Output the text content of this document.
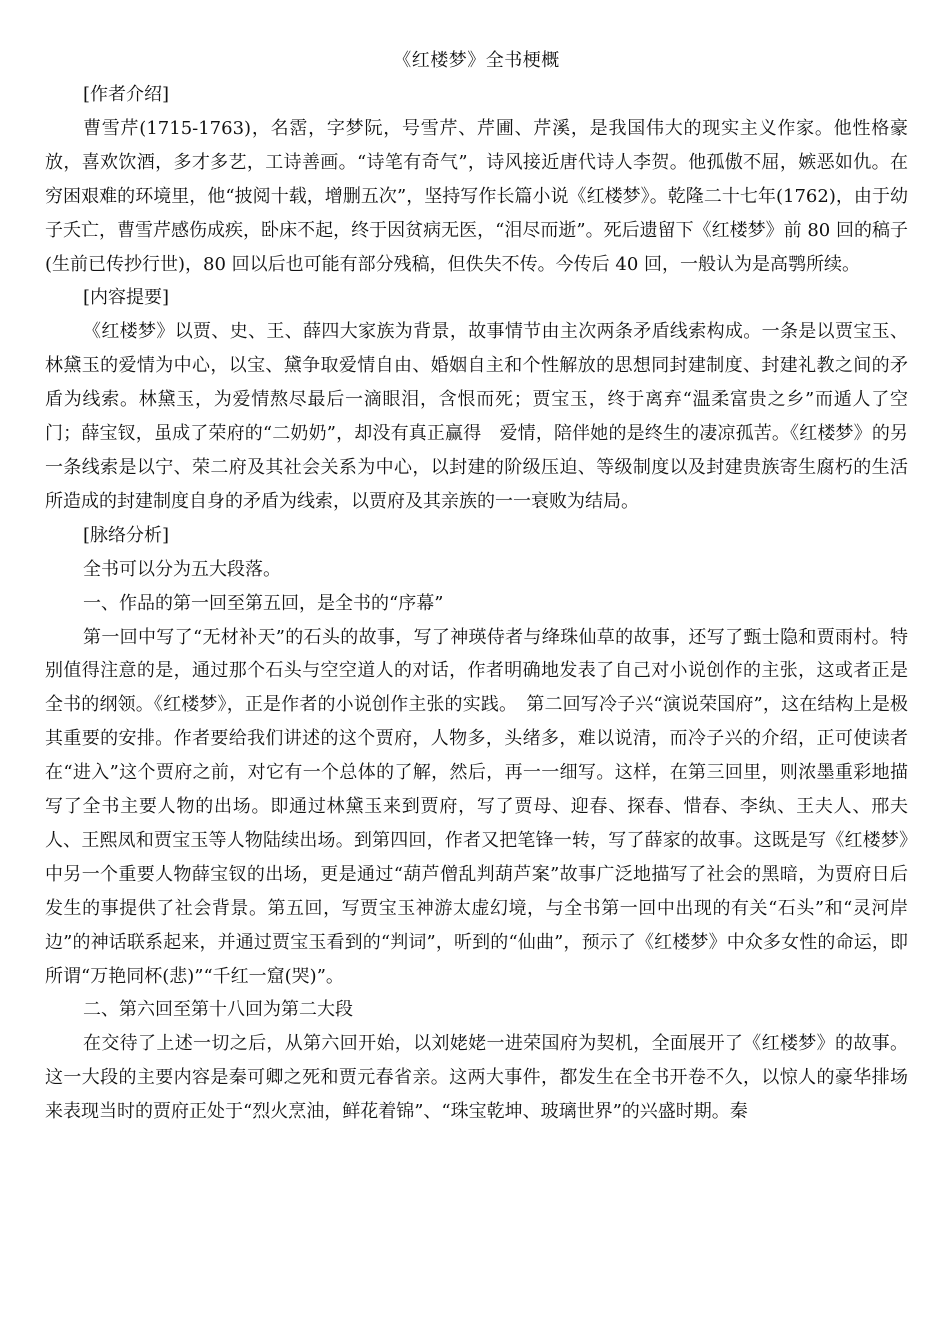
《红楼梦》全书梗概
[作者介绍]

曹雪芹(1715-1763)，名霑，字梦阮，号雪芹、芹圃、芹溪，是我国伟大的现实主义作家。他性格豪放，喜欢饮酒，多才多艺，工诗善画。“诗笔有奇气”，诗风接近唐代诗人李贺。他孤傲不屈，嫉恶如仇。在穷困艰难的环境里，他“披阅十载，增删五次”，坚持写作长篇小说《红楼梦》。乾隆二十七年(1762)，由于幼子夭亡，曹雪芹感伤成疾，卧床不起，终于因贫病无医，“泪尽而逝”。死后遗留下《红楼梦》前 80 回的稿子(生前已传抄行世)，80 回以后也可能有部分残稿，但佚失不传。今传后 40 回，一般认为是高鹗所续。

[内容提要]

《红楼梦》以贾、史、王、薛四大家族为背景，故事情节由主次两条矛盾线索构成。一条是以贾宝玉、林黛玉的爱情为中心，以宝、黛争取爱情自由、婚姻自主和个性解放的思想同封建制度、封建礼教之间的矛盾为线索。林黛玉，为爱情熬尽最后一滴眼泪，含恨而死；贾宝玉，终于离弃“温柔富贵之乡”而遁人了空门；薛宝钗，虽成了荣府的“二奶奶”，却没有真正赢得　爱情，陪伴她的是终生的凄凉孤苦。《红楼梦》的另一条线索是以宁、荣二府及其社会关系为中心，以封建的阶级压迫、等级制度以及封建贵族寄生腐朽的生活所造成的封建制度自身的矛盾为线索，以贾府及其亲族的一一衰败为结局。

[脉络分析]

全书可以分为五大段落。

一、作品的第一回至第五回，是全书的“序幕”

第一回中写了“无材补天”的石头的故事，写了神瑛侍者与绛珠仙草的故事，还写了甄士隐和贾雨村。特别值得注意的是，通过那个石头与空空道人的对话，作者明确地发表了自己对小说创作的主张，这或者正是全书的纲领。《红楼梦》，正是作者的小说创作主张的实践。　第二回写冷子兴“演说荣国府”，这在结构上是极其重要的安排。作者要给我们讲述的这个贾府，人物多，头绪多，难以说清，而冷子兴的介绍，正可使读者在“进入”这个贾府之前，对它有一个总体的了解，然后，再一一细写。这样，在第三回里，则浓墨重彩地描写了全书主要人物的出场。即通过林黛玉来到贾府，写了贾母、迎春、探春、惜春、李纨、王夫人、邢夫人、王熙凤和贾宝玉等人物陆续出场。到第四回，作者又把笔锋一转，写了薛家的故事。这既是写《红楼梦》中另一个重要人物薛宝钗的出场，更是通过“葫芦僧乱判葫芦案”故事广泛地描写了社会的黑暗，为贾府日后发生的事提供了社会背景。第五回，写贾宝玉神游太虚幻境，与全书第一回中出现的有关“石头”和“灵河岸边”的神话联系起来，并通过贾宝玉看到的“判词”，听到的“仙曲”，预示了《红楼梦》中众多女性的命运，即所谓“万艳同杯(悲)”“千红一窟(哭)”。

二、第六回至第十八回为第二大段

在交待了上述一切之后，从第六回开始，以刘姥姥一进荣国府为契机，全面展开了《红楼梦》的故事。这一大段的主要内容是秦可卿之死和贾元春省亲。这两大事件，都发生在全书开卷不久，以惊人的豪华排场来表现当时的贾府正处于“烈火烹油，鲜花着锦”、“珠宝乾坤、玻璃世界”的兴盛时期。秦
